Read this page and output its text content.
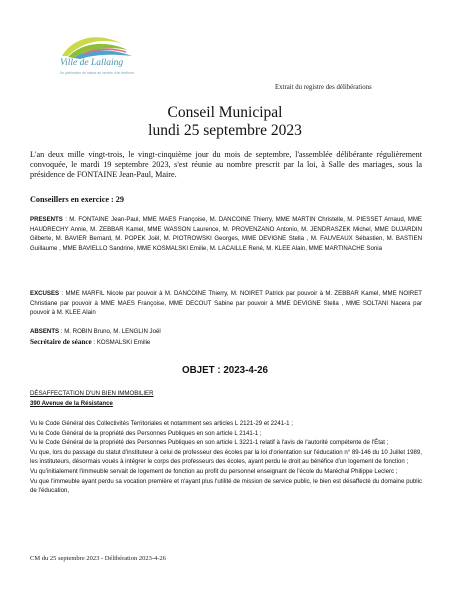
Ville de Lallaing
Un patrimoine de nature au service d'un territoire
Extrait du registre des délibérations
Conseil Municipal
lundi 25 septembre 2023
L'an deux mille vingt-trois, le vingt-cinquième jour du mois de septembre, l'assemblée délibérante régulièrement convoquée, le mardi 19 septembre 2023, s'est réunie au nombre prescrit par la loi, à Salle des mariages, sous la présidence de FONTAINE Jean-Paul, Maire.
Conseillers en exercice : 29
PRESENTS : M. FONTAINE Jean-Paul, MME MAES Françoise, M. DANCOINE Thierry, MME MARTIN Christelle, M. PIESSET Arnaud, MME HAUDRECHY Annie, M. ZEBBAR Kamel, MME WASSON Laurence, M. PROVENZANO Antonio, M. JENDRASZEK Michel, MME DUJARDIN Gilberte, M. BAVIER Bernard, M. POPEK Joël, M. PIOTROWSKI Georges, MME DEVIGNE Stella , M. FAUVEAUX Sébastien, M. BASTIEN Guillaume , MME BAVIELLO Sandrine, MME KOSMALSKI Emilie, M. LACAILLE René, M. KLEE Alain, MME MARTINACHE Sonia
EXCUSES : MME MARFIL Nicole par pouvoir à M. DANCOINE Thierry, M. NOIRET Patrick par pouvoir à M. ZEBBAR Kamel, MME NOIRET Christiane par pouvoir à MME MAES Françoise, MME DECOUT Sabine par pouvoir à MME DEVIGNE Stella , MME SOLTANI Nacera par pouvoir à M. KLEE Alain
ABSENTS : M. ROBIN Bruno, M. LENGLIN Joël
Secrétaire de séance : KOSMALSKI Emilie
OBJET : 2023-4-26
DÉSAFFECTATION D'UN BIEN IMMOBILIER
390 Avenue de la Résistance
Vu le Code Général des Collectivités Territoriales et notamment ses articles L 2121-29 et 2241-1 ;
Vu le Code Général de la propriété des Personnes Publiques en son article L 2141-1 ;
Vu le Code Général de la propriété des Personnes Publiques en son article L 3221-1 relatif à l'avis de l'autorité compétente de l'État ;
Vu que, lors du passage du statut d'instituteur à celui de professeur des écoles par la loi d'orientation sur l'éducation n° 89-146 du 10 Juillet 1989, les instituteurs, désormais voués à intégrer le corps des professeurs des écoles, ayant perdu le droit au bénéfice d'un logement de fonction ;
Vu qu'initialement l'immeuble servait de logement de fonction au profit du personnel enseignant de l'école du Maréchal Philippe Leclerc ;
Vu que l'immeuble ayant perdu sa vocation première et n'ayant plus l'utilité de mission de service public, le bien est désaffecté du domaine public de l'éducation,
CM du 25 septembre 2023 - Délibération 2023-4-26
